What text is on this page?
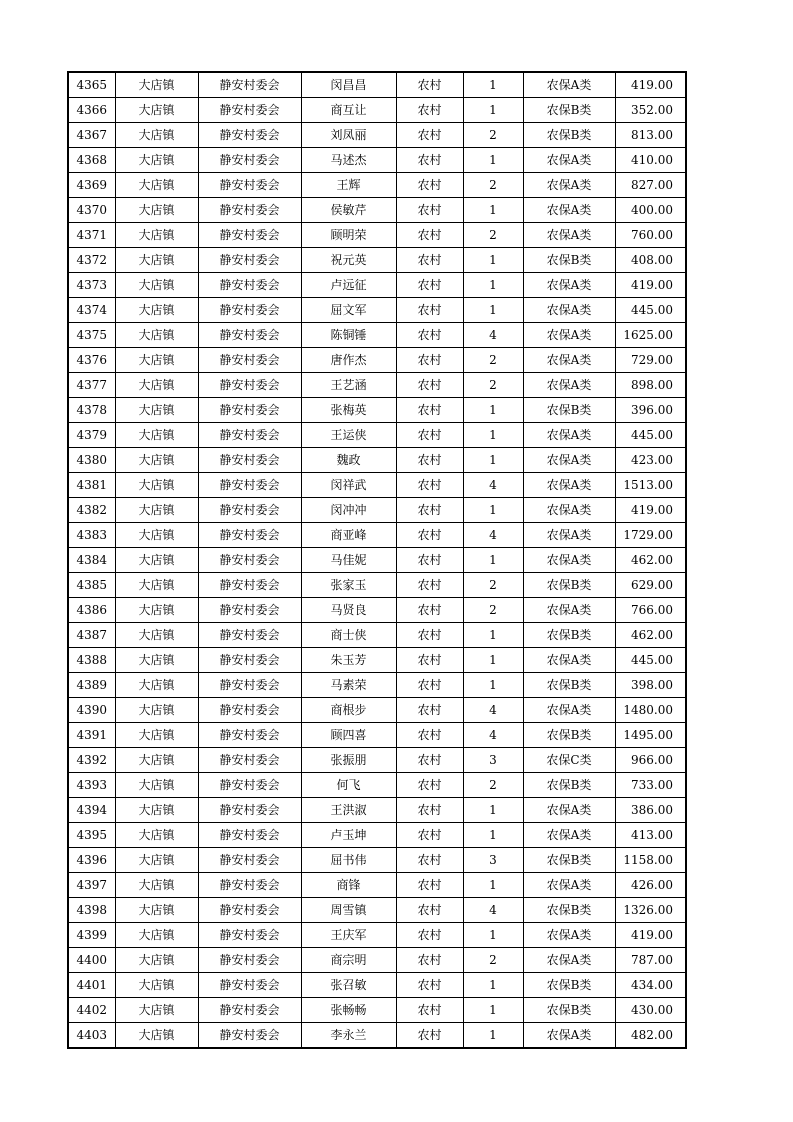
4365	大店镇	静安村委会	闵昌昌	农村	1	农保A类	419.00
4366	大店镇	静安村委会	商互让	农村	1	农保B类	352.00
4367	大店镇	静安村委会	刘凤丽	农村	2	农保B类	813.00
4368	大店镇	静安村委会	马述杰	农村	1	农保A类	410.00
4369	大店镇	静安村委会	王辉	农村	2	农保A类	827.00
4370	大店镇	静安村委会	侯敏芹	农村	1	农保A类	400.00
4371	大店镇	静安村委会	顾明荣	农村	2	农保A类	760.00
4372	大店镇	静安村委会	祝元英	农村	1	农保B类	408.00
4373	大店镇	静安村委会	卢远征	农村	1	农保A类	419.00
4374	大店镇	静安村委会	屈文军	农村	1	农保A类	445.00
4375	大店镇	静安村委会	陈铜锤	农村	4	农保A类	1625.00
4376	大店镇	静安村委会	唐作杰	农村	2	农保A类	729.00
4377	大店镇	静安村委会	王艺涵	农村	2	农保A类	898.00
4378	大店镇	静安村委会	张梅英	农村	1	农保B类	396.00
4379	大店镇	静安村委会	王运侠	农村	1	农保A类	445.00
4380	大店镇	静安村委会	魏政	农村	1	农保A类	423.00
4381	大店镇	静安村委会	闵祥武	农村	4	农保A类	1513.00
4382	大店镇	静安村委会	闵冲冲	农村	1	农保A类	419.00
4383	大店镇	静安村委会	商亚峰	农村	4	农保A类	1729.00
4384	大店镇	静安村委会	马佳妮	农村	1	农保A类	462.00
4385	大店镇	静安村委会	张家玉	农村	2	农保B类	629.00
4386	大店镇	静安村委会	马贤良	农村	2	农保A类	766.00
4387	大店镇	静安村委会	商士侠	农村	1	农保B类	462.00
4388	大店镇	静安村委会	朱玉芳	农村	1	农保A类	445.00
4389	大店镇	静安村委会	马素荣	农村	1	农保B类	398.00
4390	大店镇	静安村委会	商根步	农村	4	农保A类	1480.00
4391	大店镇	静安村委会	顾四喜	农村	4	农保B类	1495.00
4392	大店镇	静安村委会	张振朋	农村	3	农保C类	966.00
4393	大店镇	静安村委会	何飞	农村	2	农保B类	733.00
4394	大店镇	静安村委会	王洪淑	农村	1	农保A类	386.00
4395	大店镇	静安村委会	卢玉坤	农村	1	农保A类	413.00
4396	大店镇	静安村委会	屈书伟	农村	3	农保B类	1158.00
4397	大店镇	静安村委会	商锋	农村	1	农保A类	426.00
4398	大店镇	静安村委会	周雪镇	农村	4	农保B类	1326.00
4399	大店镇	静安村委会	王庆军	农村	1	农保A类	419.00
4400	大店镇	静安村委会	商宗明	农村	2	农保A类	787.00
4401	大店镇	静安村委会	张召敏	农村	1	农保B类	434.00
4402	大店镇	静安村委会	张畅畅	农村	1	农保B类	430.00
4403	大店镇	静安村委会	李永兰	农村	1	农保A类	482.00
